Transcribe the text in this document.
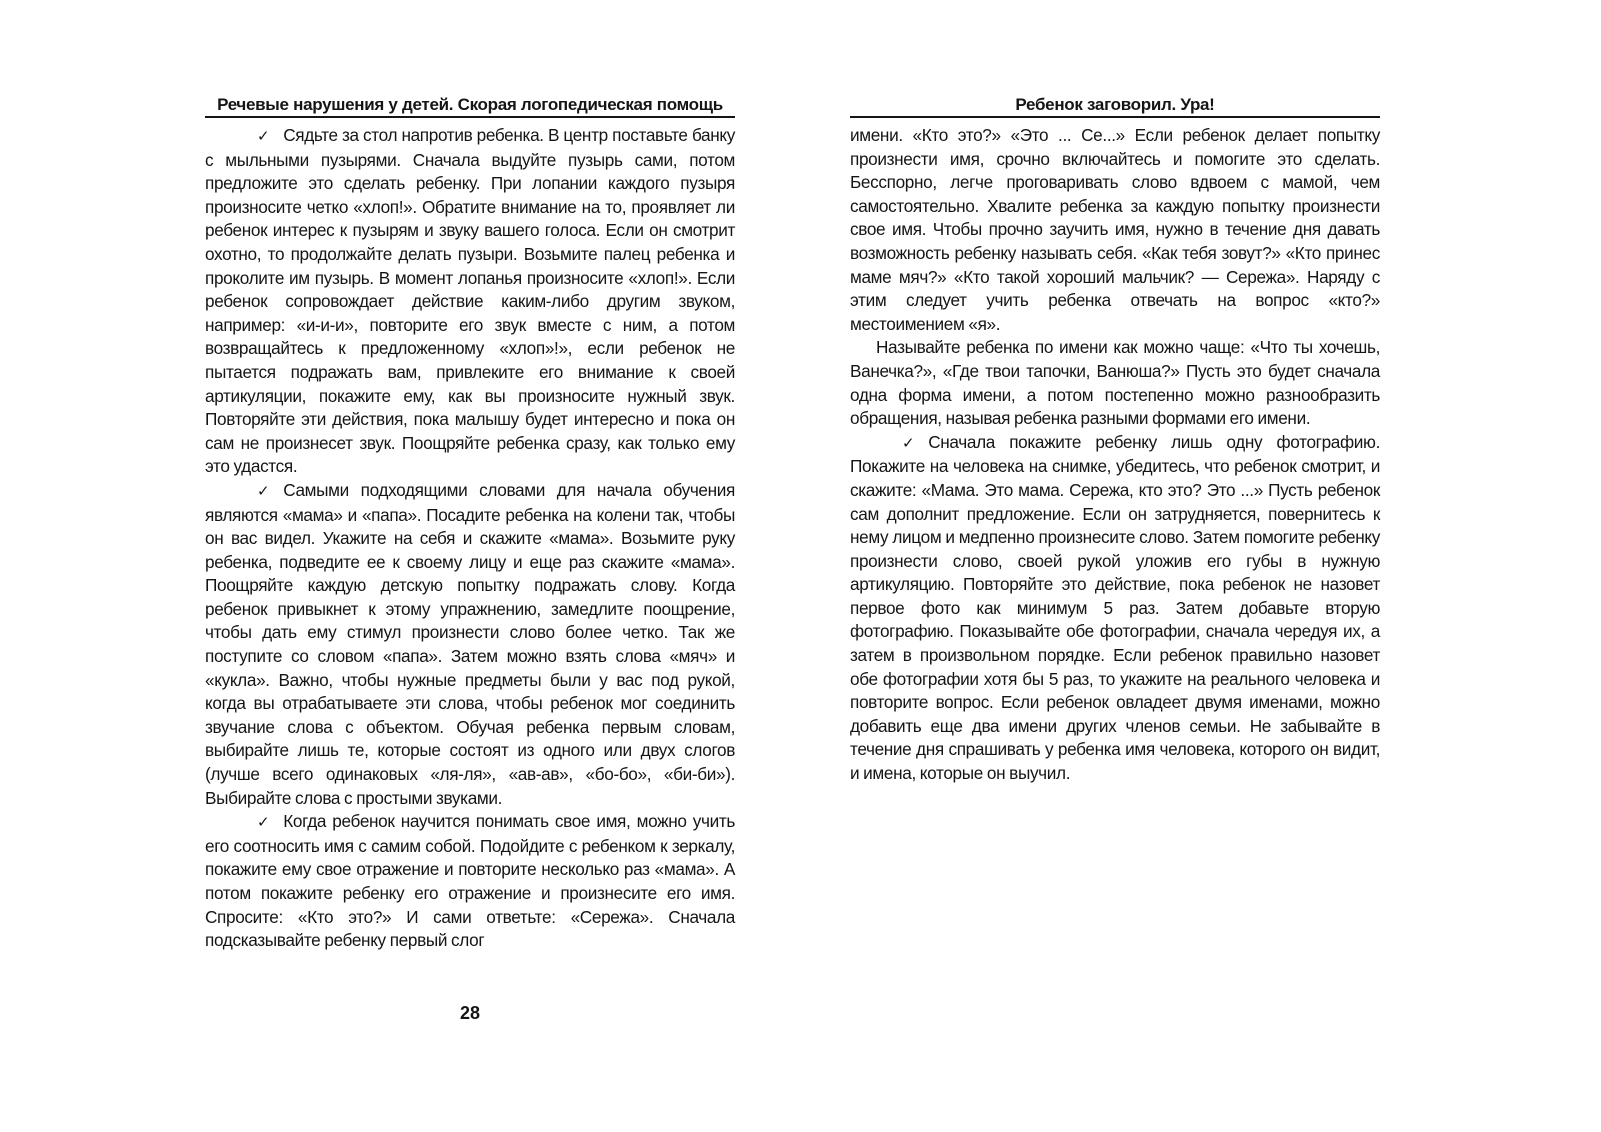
Речевые нарушения у детей. Скорая логопедическая помощь

✓ Сядьте за стол напротив ребенка. В центр поставьте банку с мыльными пузырями. Сначала выдуйте пузырь сами, потом предложите это сделать ребенку. При лопании каждого пузыря произносите четко «хлоп!». Обратите внимание на то, проявляет ли ребенок интерес к пузырям и звуку вашего голоса. Если он смотрит охотно, то продолжайте делать пузыри. Возьмите палец ребенка и проколите им пузырь. В момент лопанья произносите «хлоп!». Если ребенок сопровождает действие каким-либо другим звуком, например: «и-и-и», повторите его звук вместе с ним, а потом возвращайтесь к предложенному «хлоп»!», если ребенок не пытается подражать вам, привлеките его внимание к своей артикуляции, покажите ему, как вы произносите нужный звук. Повторяйте эти действия, пока малышу будет интересно и пока он сам не произнесет звук. Поощряйте ребенка сразу, как только ему это удастся.

✓ Самыми подходящими словами для начала обучения являются «мама» и «папа». Посадите ребенка на колени так, чтобы он вас видел. Укажите на себя и скажите «мама». Возьмите руку ребенка, подведите ее к своему лицу и еще раз скажите «мама». Поощряйте каждую детскую попытку подражать слову. Когда ребенок привыкнет к этому упражнению, замедлите поощрение, чтобы дать ему стимул произнести слово более четко. Так же поступите со словом «папа». Затем можно взять слова «мяч» и «кукла». Важно, чтобы нужные предметы были у вас под рукой, когда вы отрабатываете эти слова, чтобы ребенок мог соединить звучание слова с объектом. Обучая ребенка первым словам, выбирайте лишь те, которые состоят из одного или двух слогов (лучше всего одинаковых «ля-ля», «ав-ав», «бо-бо», «би-би»). Выбирайте слова с простыми звуками.

✓ Когда ребенок научится понимать свое имя, можно учить его соотносить имя с самим собой. Подойдите с ребенком к зеркалу, покажите ему свое отражение и повторите несколько раз «мама». А потом покажите ребенку его отражение и произнесите его имя. Спросите: «Кто это?» И сами ответьте: «Сережа». Сначала подсказывайте ребенку первый слог

28
Ребенок заговорил. Ура!

имени. «Кто это?» «Это ... Се...» Если ребенок делает попытку произнести имя, срочно включайтесь и помогите это сделать. Бесспорно, легче проговаривать слово вдвоем с мамой, чем самостоятельно. Хвалите ребенка за каждую попытку произнести свое имя. Чтобы прочно заучить имя, нужно в течение дня давать возможность ребенку называть себя. «Как тебя зовут?» «Кто принес маме мяч?» «Кто такой хороший мальчик? — Сережа». Наряду с этим следует учить ребенка отвечать на вопрос «кто?» местоимением «я».

Называйте ребенка по имени как можно чаще: «Что ты хочешь, Ванечка?», «Где твои тапочки, Ванюша?» Пусть это будет сначала одна форма имени, а потом постепенно можно разнообразить обращения, называя ребенка разными формами его имени.

✓ Сначала покажите ребенку лишь одну фотографию. Покажите на человека на снимке, убедитесь, что ребенок смотрит, и скажите: «Мама. Это мама. Сережа, кто это? Это ...» Пусть ребенок сам дополнит предложение. Если он затрудняется, повернитесь к нему лицом и медпенно произнесите слово. Затем помогите ребенку произнести слово, своей рукой уложив его губы в нужную артикуляцию. Повторяйте это действие, пока ребенок не назовет первое фото как минимум 5 раз. Затем добавьте вторую фотографию. Показывайте обе фотографии, сначала чередуя их, а затем в произвольном порядке. Если ребенок правильно назовет обе фотографии хотя бы 5 раз, то укажите на реального человека и повторите вопрос. Если ребенок овладеет двумя именами, можно добавить еще два имени других членов семьи. Не забывайте в течение дня спрашивать у ребенка имя человека, которого он видит, и имена, которые он выучил.
